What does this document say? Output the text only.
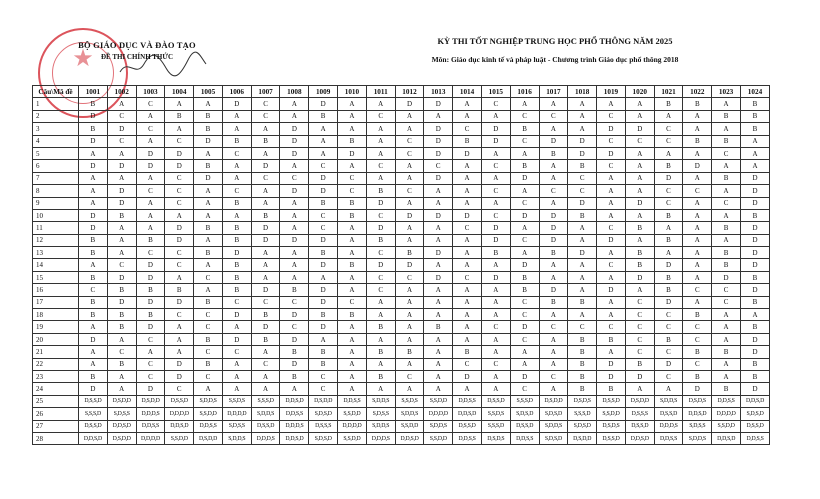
★
BỘ GIÁO DỤC VÀ ĐÀO TẠO
ĐỀ THI CHÍNH THỨC
KỲ THI TỐT NGHIỆP TRUNG HỌC PHỔ THÔNG NĂM 2025
Môn: Giáo dục kinh tế và pháp luật - Chương trình Giáo dục phổ thông 2018
Câu\Mã đề	1001	1002	1003	1004	1005	1006	1007	1008	1009	1010	1011	1012	1013	1014	1015	1016	1017	1018	1019	1020	1021	1022	1023	1024
1	B	A	C	A	A	D	C	A	D	A	A	D	D	A	C	A	A	A	A	A	B	B	A	B
2	D	C	A	B	B	A	C	A	B	A	C	A	A	A	A	C	C	A	C	A	A	A	B	B
3	B	D	C	A	B	A	A	D	A	A	A	A	D	C	D	B	A	A	D	D	C	A	A	B
4	D	C	A	C	D	B	B	D	A	B	A	C	D	B	D	C	D	D	C	C	C	B	B	A
5	A	A	D	D	A	C	A	D	A	D	A	C	D	D	A	A	B	D	D	A	A	A	C	A
6	D	D	D	D	B	A	D	A	C	A	C	A	C	A	C	B	A	B	C	A	B	D	A	A
7	A	A	A	C	D	A	C	C	D	C	A	A	D	A	A	D	A	C	A	A	D	A	B	D
8	A	D	C	C	A	C	A	D	D	C	B	C	A	A	C	A	C	C	A	A	C	C	A	D
9	A	D	A	C	A	B	A	A	B	B	D	A	A	A	A	C	A	D	A	D	C	A	C	D
10	D	B	A	A	A	A	B	A	C	B	C	D	D	D	C	D	D	B	A	A	B	A	A	B
11	D	A	A	D	B	B	D	A	C	A	D	A	A	C	D	A	D	A	C	B	A	A	B	D
12	B	A	B	D	A	B	D	D	D	A	B	A	A	A	D	C	D	A	D	A	B	A	A	D
13	B	A	C	C	B	D	A	A	B	A	C	B	D	A	B	A	B	D	A	B	A	A	B	D
14	A	C	D	C	A	B	A	A	D	B	D	D	A	A	A	D	A	A	C	B	D	A	B	D
15	B	D	D	A	C	B	A	A	A	A	C	C	D	C	D	B	A	A	A	D	B	A	D	B
16	C	B	B	B	A	B	D	B	D	A	C	A	A	A	A	B	D	A	D	A	B	C	C	D
17	B	D	D	D	B	C	C	C	D	C	A	A	A	A	A	C	B	B	A	C	D	A	C	B
18	B	B	B	C	C	D	B	D	B	B	A	A	A	A	A	C	A	A	A	C	C	B	A	A
19	A	B	D	A	C	A	D	C	D	A	B	A	B	A	C	D	C	C	C	C	C	C	A	B
20	D	A	C	A	B	D	B	D	A	A	A	A	A	A	A	C	A	B	B	C	B	C	A	D
21	A	C	A	A	C	C	A	B	B	A	B	B	A	B	A	A	A	B	A	C	C	B	B	D
22	A	B	C	D	B	A	C	D	B	A	A	A	A	C	C	A	A	B	D	B	D	C	A	B
23	B	A	C	D	C	A	A	B	C	A	B	C	A	D	A	D	C	B	D	D	C	B	A	B
24	D	A	D	C	A	A	A	A	C	A	A	A	A	A	A	C	A	B	B	A	A	D	B	D
25	D,S,S,D	D,S,D,D	D,S,D,D	D,S,S,D	S,D,D,S	S,S,D,S	S,S,S,D	D,D,S,D	D,S,D,D	D,D,S,S	S,D,D,S	S,S,D,S	S,S,D,D	D,D,S,S	D,S,S,D	S,S,S,D	D,S,D,D	D,S,D,S	D,S,S,D	D,S,D,D	S,D,D,S	D,S,D,S	D,D,S,S	D,D,S,D
26	S,S,S,D	S,D,S,S	D,D,D,S	D,D,D,D	S,S,D,D	D,D,D,D	S,D,D,S	D,D,S,S	S,D,S,D	S,S,D,D	S,D,S,S	S,D,D,S	D,D,D,D	D,D,S,D	S,S,D,S	S,D,S,D	S,D,S,D	S,S,S,D	S,S,D,D	D,S,S,S	D,S,S,D	D,D,S,D	D,D,D,D	S,D,S,D
27	D,S,S,D	D,D,S,D	D,D,S,S	D,D,S,D	D,D,S,S	S,D,S,S	D,S,S,D	D,D,D,S	D,S,S,S	D,D,D,D	S,D,D,S	S,S,D,D	S,D,D,S	D,S,S,D	S,S,S,D	D,S,S,D	S,D,D,S	S,D,S,D	D,S,D,S	D,S,S,D	D,D,D,S	S,D,S,S	S,S,D,D	D,S,S,D
28	D,D,S,D	D,S,D,D	D,D,D,D	S,S,D,D	D,S,D,D	S,D,D,S	D,D,D,S	D,D,S,D	S,D,S,D	S,S,D,D	D,D,D,S	D,D,S,D	S,S,D,D	D,D,S,S	D,S,D,S	D,D,S,S	S,D,S,D	D,S,D,D	D,S,S,D	D,D,S,D	D,D,S,S	S,D,D,S	D,D,S,D	D,D,S,S
